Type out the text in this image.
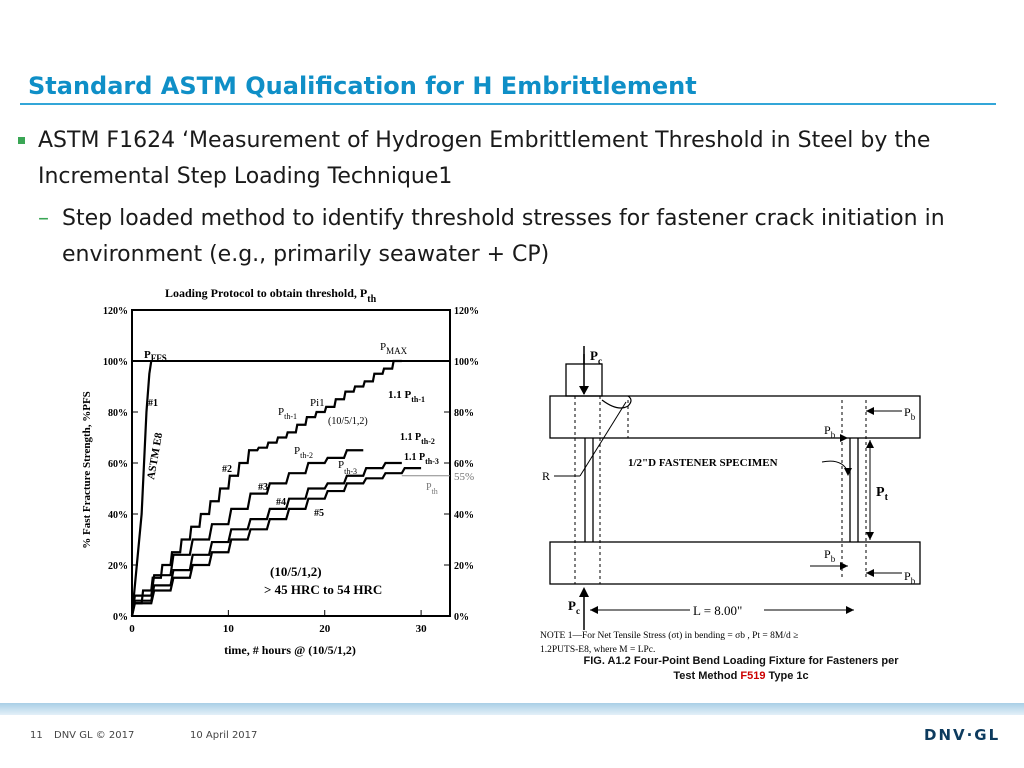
Standard ASTM Qualification for H Embrittlement
ASTM F1624 ‘Measurement of Hydrogen Embrittlement Threshold in Steel by the Incremental Step Loading Technique1
– Step loaded method to identify threshold stresses for fastener crack initiation in environment (e.g., primarily seawater + CP)
Loading Protocol to obtain threshold, $P_{th}$
120%
100%
80%
60%
40%
20%
0%
120%
100%
80%
60%
40%
20%
0%
0	10	20	30
% Fast Fracture Strength, %PFS
time, # hours @ (10/5/1,2)
$P_{FFS}$
$P_{MAX}$
ASTM E8
#1
#2
#3
#4
#5
$P_{th-1}$
Pi1
(10/5/1,2)
$P_{th-2}$
$P_{th-3}$
$P_{th}$
1.1 $P_{th-1}$
1.1 $P_{th-2}$
1.1 $P_{th-3}$
55%
(10/5/1,2)
> 45 HRC to 54 HRC
$P_c$
$P_b$
$P_b$
$P_b$
$P_b$
$P_t$
R
1/2"D FASTENER SPECIMEN
$P_c$	L = 8.00"
NOTE 1—For Net Tensile Stress (σt) in bending = σb , Pt = 8M/d ≥
1.2PUTS-E8, where M = LPc.
FIG. A1.2 Four-Point Bend Loading Fixture for Fasteners per
Test Method F519 Type 1c
11 DNV GL © 2017	10 April 2017	DNV·GL
